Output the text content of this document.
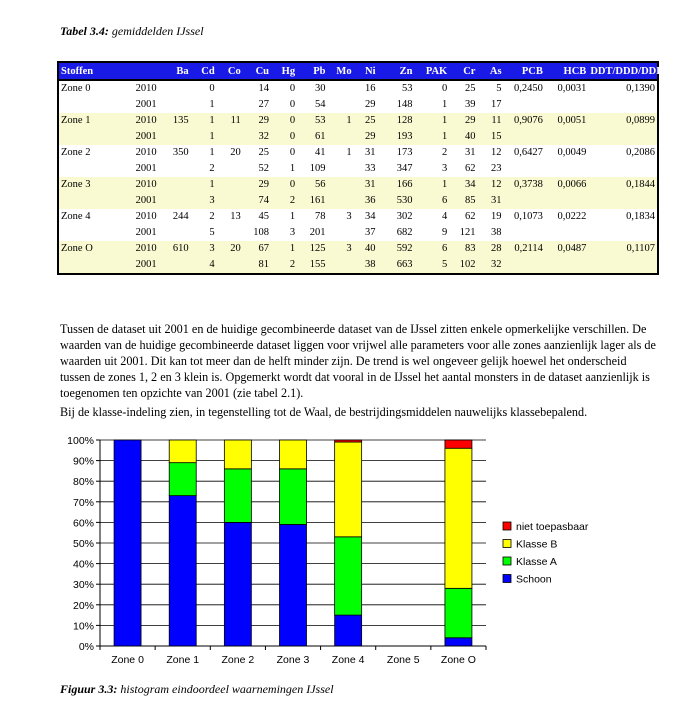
Tabel 3.4: gemiddelden IJssel
Stoffen		Ba	Cd	Co	Cu	Hg	Pb	Mo	Ni	Zn	PAK	Cr	As	PCB	HCB	DDT/DDD/DDE
Zone 0	2010		0		14	0	30		16	53	0	25	5	0,2450	0,0031	0,1390
	2001		1		27	0	54		29	148	1	39	17			
Zone 1	2010	135	1	11	29	0	53	1	25	128	1	29	11	0,9076	0,0051	0,0899
	2001		1		32	0	61		29	193	1	40	15			
Zone 2	2010	350	1	20	25	0	41	1	31	173	2	31	12	0,6427	0,0049	0,2086
	2001		2		52	1	109		33	347	3	62	23			
Zone 3	2010		1		29	0	56		31	166	1	34	12	0,3738	0,0066	0,1844
	2001		3		74	2	161		36	530	6	85	31			
Zone 4	2010	244	2	13	45	1	78	3	34	302	4	62	19	0,1073	0,0222	0,1834
	2001		5		108	3	201		37	682	9	121	38			
Zone O	2010	610	3	20	67	1	125	3	40	592	6	83	28	0,2114	0,0487	0,1107
	2001		4		81	2	155		38	663	5	102	32			
Tussen de dataset uit 2001 en de huidige gecombineerde dataset van de IJssel zitten enkele opmerkelijke verschillen. De waarden van de huidige gecombineerde dataset liggen voor vrijwel alle parameters voor alle zones aanzienlijk lager als de waarden uit 2001. Dit kan tot meer dan de helft minder zijn. De trend is wel ongeveer gelijk hoewel het onderscheid tussen de zones 1, 2 en 3 klein is. Opgemerkt wordt dat vooral in de IJssel het aantal monsters in de dataset aanzienlijk is toegenomen ten opzichte van 2001 (zie tabel 2.1).
Bij de klasse-indeling zien, in tegenstelling tot de Waal, de bestrijdingsmiddelen nauwelijks klassebepalend.
0%
10%
20%
30%
40%
50%
60%
70%
80%
90%
100%
Zone 0 Zone 1 Zone 2 Zone 3 Zone 4 Zone 5 Zone O
niet toepasbaar
Klasse B
Klasse A
Schoon
Figuur 3.3: histogram eindoordeel waarnemingen IJssel
